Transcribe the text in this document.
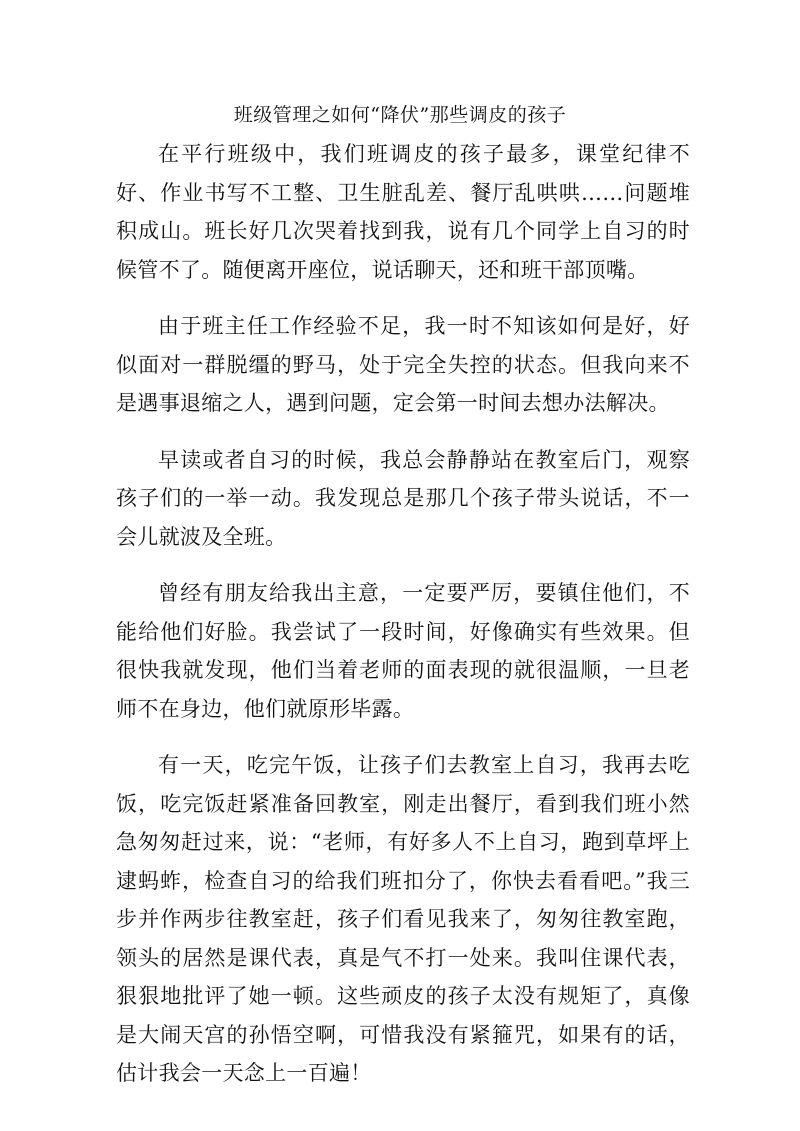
班级管理之如何“降伏”那些调皮的孩子

在平行班级中，我们班调皮的孩子最多，课堂纪律不好、作业书写不工整、卫生脏乱差、餐厅乱哄哄……问题堆积成山。班长好几次哭着找到我，说有几个同学上自习的时候管不了。随便离开座位，说话聊天，还和班干部顶嘴。

由于班主任工作经验不足，我一时不知该如何是好，好似面对一群脱缰的野马，处于完全失控的状态。但我向来不是遇事退缩之人，遇到问题，定会第一时间去想办法解决。

早读或者自习的时候，我总会静静站在教室后门，观察孩子们的一举一动。我发现总是那几个孩子带头说话，不一会儿就波及全班。

曾经有朋友给我出主意，一定要严厉，要镇住他们，不能给他们好脸。我尝试了一段时间，好像确实有些效果。但很快我就发现，他们当着老师的面表现的就很温顺，一旦老师不在身边，他们就原形毕露。

有一天，吃完午饭，让孩子们去教室上自习，我再去吃饭，吃完饭赶紧准备回教室，刚走出餐厅，看到我们班小然急匆匆赶过来，说：“老师，有好多人不上自习，跑到草坪上逮蚂蚱，检查自习的给我们班扣分了，你快去看看吧。”我三步并作两步往教室赶，孩子们看见我来了，匆匆往教室跑，领头的居然是课代表，真是气不打一处来。我叫住课代表，狠狠地批评了她一顿。这些顽皮的孩子太没有规矩了，真像是大闹天宫的孙悟空啊，可惜我没有紧箍咒，如果有的话，估计我会一天念上一百遍！
